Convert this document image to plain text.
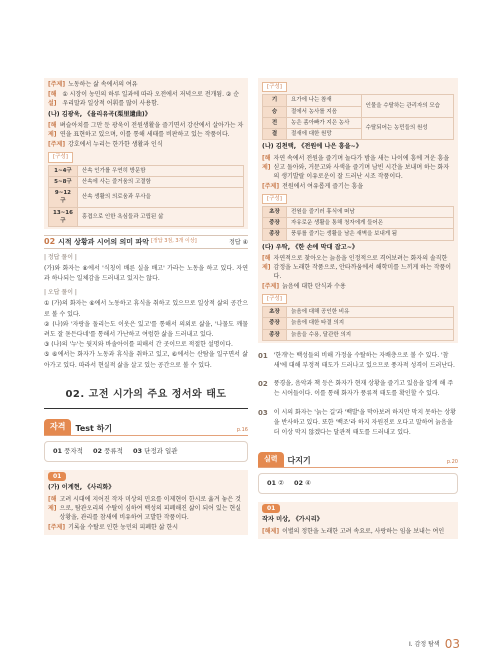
[주제] 노동하는 삶 속에서의 여유
[해설]
① 시장이 농민의 하루 일과에 따라 오전에서 저녁으로 전개됨. ② 순우리말과 일상적 어휘를 많이 사용함.
(나) 김광욱, 《율리유곡(栗里遺曲)》
[해제]
벼슬아치를 그만 둔 광욱이 전원생활을 즐기면서 강산에서 살아가는 자연을 표현하고 있으며, 이를 통해 세태를 비판하고 있는 작품이다.
[주제] 강호에서 누리는 한가한 생활과 인식
[구성]
1~4구	산속 인가를 우연히 방문함
5~8구	산속에 사는 즐거움의 고결함
9~12구	산속 생활의 의로움과 무사을
13~16구	흥겹으로 인한 욕심들과 고립된 삶
02 시적 상황과 시어의 의미 파악 [정답 3점, 3개 이상]	정답 ④
| 정답 풀이 |
(가)와 화자는 ⑧에서 '식칭이 배른 실을 배고' 가라는 노동을 하고 있다. 자연과 하나되는 일체감을 드러내고 있지는 않다.
| 오답 풀이 |
① (가)의 화자는 ⑥에서 노동하고 휴식을 취하고 있으므로 일상적 삶의 공간으로 볼 수 있다.
② (나)와 '자랑을 돌리는도 이웃은 있고'를 통해서 의외로 삶을, '나물도 깨물려도 잘 돋든다네'를 통해서 가난하고 여럼한 삶을 드러내고 있다.
③ (나)의 '누'는 뒷지와 바솔아이를 피해서 간 곳이므로 적절한 설명이다.
⑤ ⑥에서는 화자가 노동과 휴식을 취하고 있고, ⑥에서는 산탐을 일구면서 삶아가고 있다. 따라서 현실적 삶을 살고 있는 공간으로 볼 수 있다.
02. 고전 시가의 주요 정서와 태도
자격	Test 하기	p.16
01 풍자적 02 풍류적 03 단정과 일관
01
(가) 이계현, 《사리화》
[해제]
고려 시대에 지어진 작자 미상의 민요를 이제현이 한시로 옮겨 놓은 것으로, 탐관오리의 수탈이 심하여 백성의 피폐해진 삶이 되어 있는 현실 상황을, 관리를 참새에 비유하여 고발한 작품이다.
[주제] 기록을 수탈로 인한 농민의 피폐한 삶 한시
[구성]
기	요가에 나는 참새	인물을 수탈하는 관리자의 모습
승	절에서 농사를 지음	
전	농은 좀아빠가 지은 농사	수탈되어는 농민들의 원성
결	절새에 대한 원망	
(나) 김천택, 《전원에 나은 흥을~》
[해제]
자연 속에서 전원을 즐기며 놀다가 밤을 새는 나이에 흥에 겨운 흥을 싣고 돌아와, 거문고와 사색을 즐기며 남빈 시간을 보내며 하는 화자의 생기발랄 이유로운이 잘 드러난 시조 작품이다.
[주제] 전원에서 여유롭게 즐기는 흥을
[구성]
초장	전원을 즐기러 휴식에 떠남
중장	자유로운 생활을 통해 청자에게 들어온
종장	풍류를 즐기는 생활을 남은 새벽을 보내게 됨
(다) 우탁, 《한 손에 막대 잡고~》
[해제]
자연적으로 찾아오는 늙음을 인정적으로 격어보려는 화자의 솔직한 감정을 노래한 작품으로, 안타까움에서 해학미를 느끼게 하는 작품이다.
[주제] 늙음에 대한 탄식과 수용
[구성]
초장	늙음에 대해 공인한 비유
중장	늙음에 대한 타결 의지
종장	늙음을 수용, 달관한 의지
01 '한개'는 백성들의 비해 가정을 수탈하는 자배층으로 볼 수 있다. '참새'에 대해 부정적 태도가 드러나고 있으므로 풍자적 성격이 드러난다.
02 풍경을, 음악과 책 등은 화자가 현재 상황을 즐기고 있음을 알게 해 주는 시어들이다. 이를 통해 화자가 풍류적 태도를 확인할 수 있다.
03 이 시의 화자는 '늙는 길'과 '백발'을 막아보려 하지만 막지 못하는 상황을 반사하고 있다. 또한 '백조'라 하지 자원진로 오다고 말하여 늙음을 더 이상 막지 않겠다는 달관적 태도를 드러내고 있다.
실력	다지기	p.20
01 ② 02 ④
01
작자 미상, 《가시리》
[해제] 이별의 정한을 노래한 고려 속요로, 사랑하는 임을 보내는 여인
I. 감정 탐색 03
